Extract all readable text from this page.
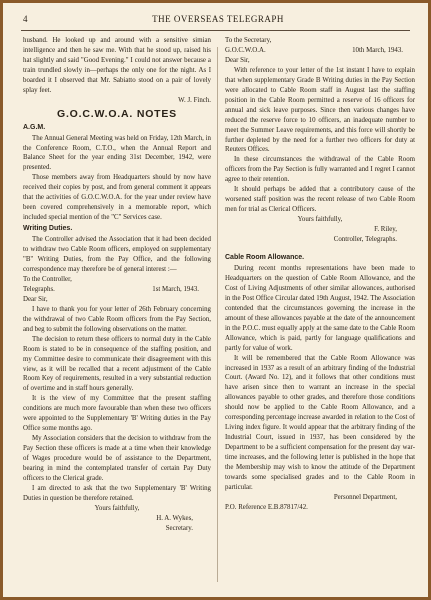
4	THE OVERSEAS TELEGRAPH

husband. He looked up and around with a sensitive simian intelligence and then he saw me. With that he stood up, raised his hat slightly and said "Good Evening." I could not answer because a train trundled slowly in—perhaps the only one for the night. As I boarded it I observed that Mr. Sabiatto stood on a pair of lovely splay feet.

W. J. Finch.

G.O.C.W.O.A. NOTES
A.G.M.

The Annual General Meeting was held on Friday, 12th March, in the Conference Room, C.T.O., when the Annual Report and Balance Sheet for the year ending 31st December, 1942, were presented.

Those members away from Headquarters should by now have received their copies by post, and from general comment it appears that the activities of G.O.C.W.O.A. for the year under review have been covered comprehensively in a memorable report, which included special mention of the "C" Services case.

Writing Duties.

The Controller advised the Association that it had been decided to withdraw two Cable Room officers, employed on supplementary "B" Writing Duties, from the Pay Office, and the following correspondence may therefore be of general interest :—

To the Controller,

Telegraphs.	1st March, 1943.

Dear Sir,

I have to thank you for your letter of 26th February concerning the withdrawal of two Cable Room officers from the Pay Section, and beg to submit the following observations on the matter.

The decision to return these officers to normal duty in the Cable Room is stated to be in consequence of the staffing position, and my Committee desire to communicate their disagreement with this view, as it will be recalled that a recent adjustment of the Cable Room Key of requirements, resulted in a very substantial reduction of overtime and in staff hours generally.

It is the view of my Committee that the present staffing conditions are much more favourable than when these two officers were appointed to the Supplementary 'B' Writing duties in the Pay Office some months ago.

My Association considers that the decision to withdraw from the Pay Section these officers is made at a time when their knowledge of Wages procedure would be of assistance to the Department, bearing in mind the contemplated transfer of certain Pay Duty officers to the Clerical grade.

I am directed to ask that the two Supplementary 'B' Writing Duties in question be therefore retained.

Yours faithfully,

H. A. Wykes,

Secretary.

To the Secretary,

G.O.C.W.O.A.	10th March, 1943.

Dear Sir,

With reference to your letter of the 1st instant I have to explain that when supplementary Grade B Writing duties in the Pay Section were allocated to Cable Room staff in August last the staffing position in the Cable Room permitted a reserve of 16 officers for annual and sick leave purposes. Since then various changes have reduced the reserve force to 10 officers, an inadequate number to meet the Summer Leave requirements, and this force will shortly be further depleted by the need for a further two officers for duty at Reuters Offices.

In these circumstances the withdrawal of the Cable Room officers from the Pay Section is fully warranted and I regret I cannot agree to their retention.

It should perhaps be added that a contributory cause of the worsened staff position was the recent release of two Cable Room men for trial as Clerical Officers.

Yours faithfully,

F. Riley,

Controller, Telegraphs.

Cable Room Allowance.

During recent months representations have been made to Headquarters on the question of Cable Room Allowance, and the Cost of Living Adjustments of other similar allowances, authorised in the Post Office Circular dated 19th August, 1942. The Association contended that the circumstances governing the increase in the amount of these allowances payable at the date of the announcement in the P.O.C. must equally apply at the same date to the Cable Room Allowance, which is paid, partly for language qualifications and partly for value of work.

It will be remembered that the Cable Room Allowance was increased in 1937 as a result of an arbitrary finding of the Industrial Court. (Award No. 12), and it follows that other conditions must have arisen since then to warrant an increase in the special allowances payable to other grades, and therefore those conditions should now be applied to the Cable Room Allowance, and a corresponding percentage increase awarded in relation to the Cost of Living index figure. It would appear that the arbitrary finding of the Industrial Court, issued in 1937, has been considered by the Department to be a sufficient compensation for the present day war-time increases, and the following letter is published in the hope that the Membership may wish to know the attitude of the Department towards some specialised grades and to the Cable Room in particular.

Personnel Department,

P.O. Reference E.B.87817/42.
